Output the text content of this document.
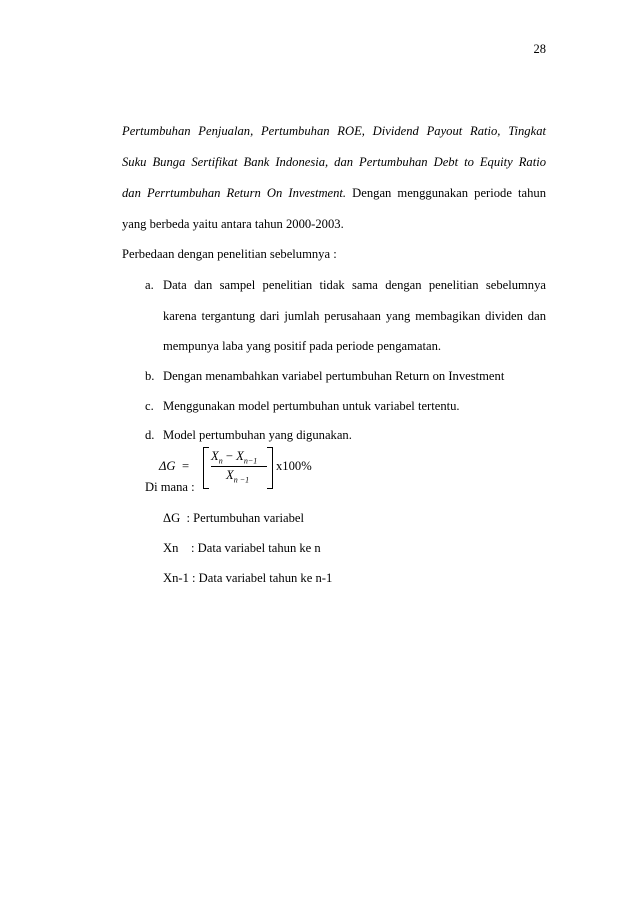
28
Pertumbuhan Penjualan, Pertumbuhan ROE, Dividend Payout Ratio, Tingkat
Suku Bunga Sertifikat Bank Indonesia, dan Pertumbuhan Debt to Equity Ratio
dan Perrtumbuhan Return On Investment. Dengan menggunakan periode tahun
yang berbeda yaitu antara tahun 2000-2003.
Perbedaan dengan penelitian sebelumnya :
a. Data dan sampel penelitian tidak sama dengan penelitian sebelumnya
karena tergantung dari jumlah perusahaan yang membagikan dividen dan
mempunya laba yang positif pada periode pengamatan.
b. Dengan menambahkan variabel pertumbuhan Return on Investment
c. Menggunakan model pertumbuhan untuk variabel tertentu.
d. Model pertumbuhan yang digunakan.
ΔG =
$X_n - X_{n-1}$
$X_{n -1}$
x100%
Di mana :
ΔG  : Pertumbuhan variabel
Xn    : Data variabel tahun ke n
Xn-1 : Data variabel tahun ke n-1
